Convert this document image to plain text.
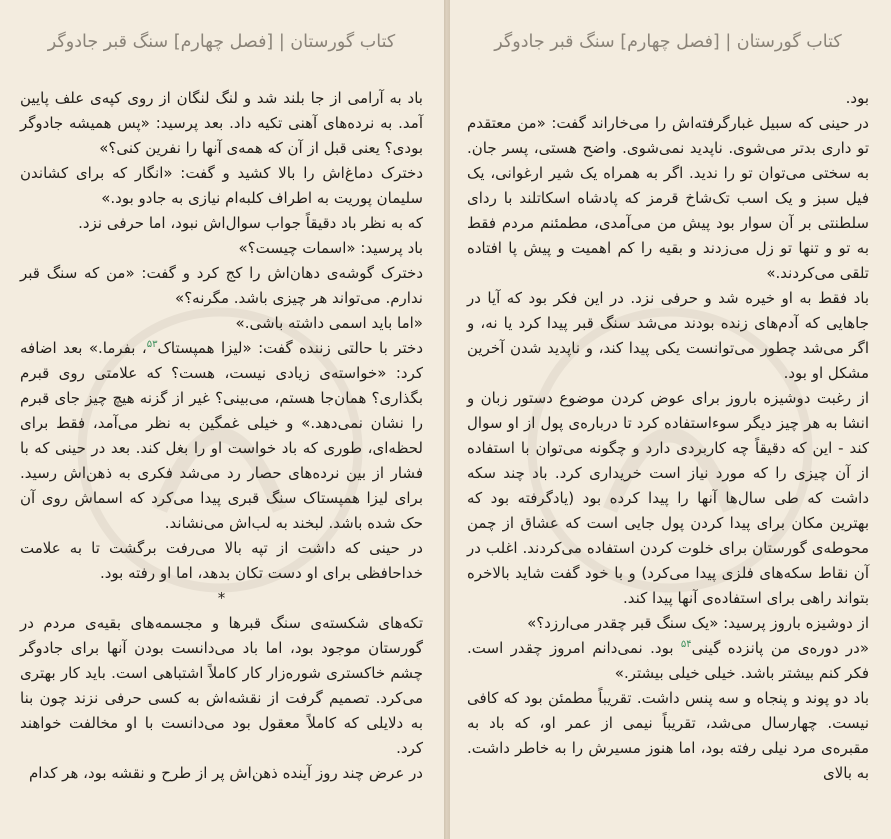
کتاب گورستان | [فصل چهارم] سنگ قبر جادوگر

بود.

در حینی که سبیل غبارگرفته‌اش را می‌خاراند گفت: «من معتقدم تو داری بدتر می‌شوی. ناپدید نمی‌شوی. واضح هستی، پسر جان. به سختی می‌توان تو را ندید. اگر به همراه یک شیر ارغوانی، یک فیل سبز و یک اسب تک‌شاخ قرمز که پادشاه اسکاتلند با ردای سلطنتی بر آن سوار بود پیش من می‌آمدی، مطمئنم مردم فقط به تو و تنها تو زل می‌زدند و بقیه را کم اهمیت و پیش پا افتاده تلقی می‌کردند.»

باد فقط به او خیره شد و حرفی نزد. در این فکر بود که آیا در جاهایی که آدم‌های زنده بودند می‌شد سنگ قبر پیدا کرد یا نه، و اگر می‌شد چطور می‌توانست یکی پیدا کند، و ناپدید شدن آخرین مشکل او بود.

از رغبت دوشیزه باروز برای عوض کردن موضوع دستور زبان و انشا به هر چیز دیگر سوءاستفاده کرد تا درباره‌ی پول از او سوال کند - این که دقیقاً چه کاربردی دارد و چگونه می‌توان با استفاده از آن چیزی را که مورد نیاز است خریداری کرد. باد چند سکه داشت که طی سال‌ها آنها را پیدا کرده بود (یادگرفته بود که بهترین مکان برای پیدا کردن پول جایی است که عشاق از چمن محوطه‌ی گورستان برای خلوت کردن استفاده می‌کردند. اغلب در آن نقاط سکه‌های فلزی پیدا می‌کرد) و با خود گفت شاید بالاخره بتواند راهی برای استفاده‌ی آنها پیدا کند.

از دوشیزه باروز پرسید: «یک سنگ قبر چقدر می‌ارزد؟»

«در دوره‌ی من پانزده گینی$^{۵۴}$ بود. نمی‌دانم امروز چقدر است. فکر کنم بیشتر باشد. خیلی خیلی بیشتر.»

باد دو پوند و پنجاه و سه پنس داشت. تقریباً مطمئن بود که کافی نیست. چهارسال می‌شد، تقریباً نیمی از عمر او، که باد به مقبره‌ی مرد نیلی رفته بود، اما هنوز مسیرش را به خاطر داشت. به بالای

کتاب گورستان | [فصل چهارم] سنگ قبر جادوگر

باد به آرامی از جا بلند شد و لنگ لنگان از روی کپه‌ی علف پایین آمد. به نرده‌های آهنی تکیه داد. بعد پرسید: «پس همیشه جادوگر بودی؟ یعنی قبل از آن که همه‌ی آنها را نفرین کنی؟»

دخترک دماغ‌اش را بالا کشید و گفت: «انگار که برای کشاندن سلیمان پوریت به اطراف کلبه‌ام نیازی به جادو بود.»

که به نظر باد دقیقاً جواب سوال‌اش نبود، اما حرفی نزد.

باد پرسید: «اسمات چیست؟»

دخترک گوشه‌ی دهان‌اش را کج کرد و گفت: «من که سنگ قبر ندارم. می‌تواند هر چیزی باشد. مگرنه؟»

«اما باید اسمی داشته باشی.»

دختر با حالتی زننده گفت: «لیزا همپستاک$^{۵۳}$، بفرما.» بعد اضافه کرد: «خواسته‌ی زیادی نیست، هست؟ که علامتی روی قبرم بگذاری؟ همان‌جا هستم، می‌بینی؟ غیر از گزنه هیچ چیز جای قبرم را نشان نمی‌دهد.» و خیلی غمگین به نظر می‌آمد، فقط برای لحظه‌ای، طوری که باد خواست او را بغل کند. بعد در حینی که با فشار از بین نرده‌های حصار رد می‌شد فکری به ذهن‌اش رسید. برای لیزا همپستاک سنگ قبری پیدا می‌کرد که اسماش روی آن حک شده باشد. لبخند به لب‌اش می‌نشاند.

در حینی که داشت از تپه بالا می‌رفت برگشت تا به علامت خداحافظی برای او دست تکان بدهد، اما او رفته بود.

*

تکه‌های شکسته‌ی سنگ قبرها و مجسمه‌های بقیه‌ی مردم در گورستان موجود بود، اما باد می‌دانست بودن آنها برای جادوگر چشم خاکستری شوره‌زار کار کاملاً اشتباهی است. باید کار بهتری می‌کرد. تصمیم گرفت از نقشه‌اش به کسی حرفی نزند چون بنا به دلایلی که کاملاً معقول بود می‌دانست با او مخالفت خواهند کرد.

در عرض چند روز آینده ذهن‌اش پر از طرح و نقشه بود، هر کدام
